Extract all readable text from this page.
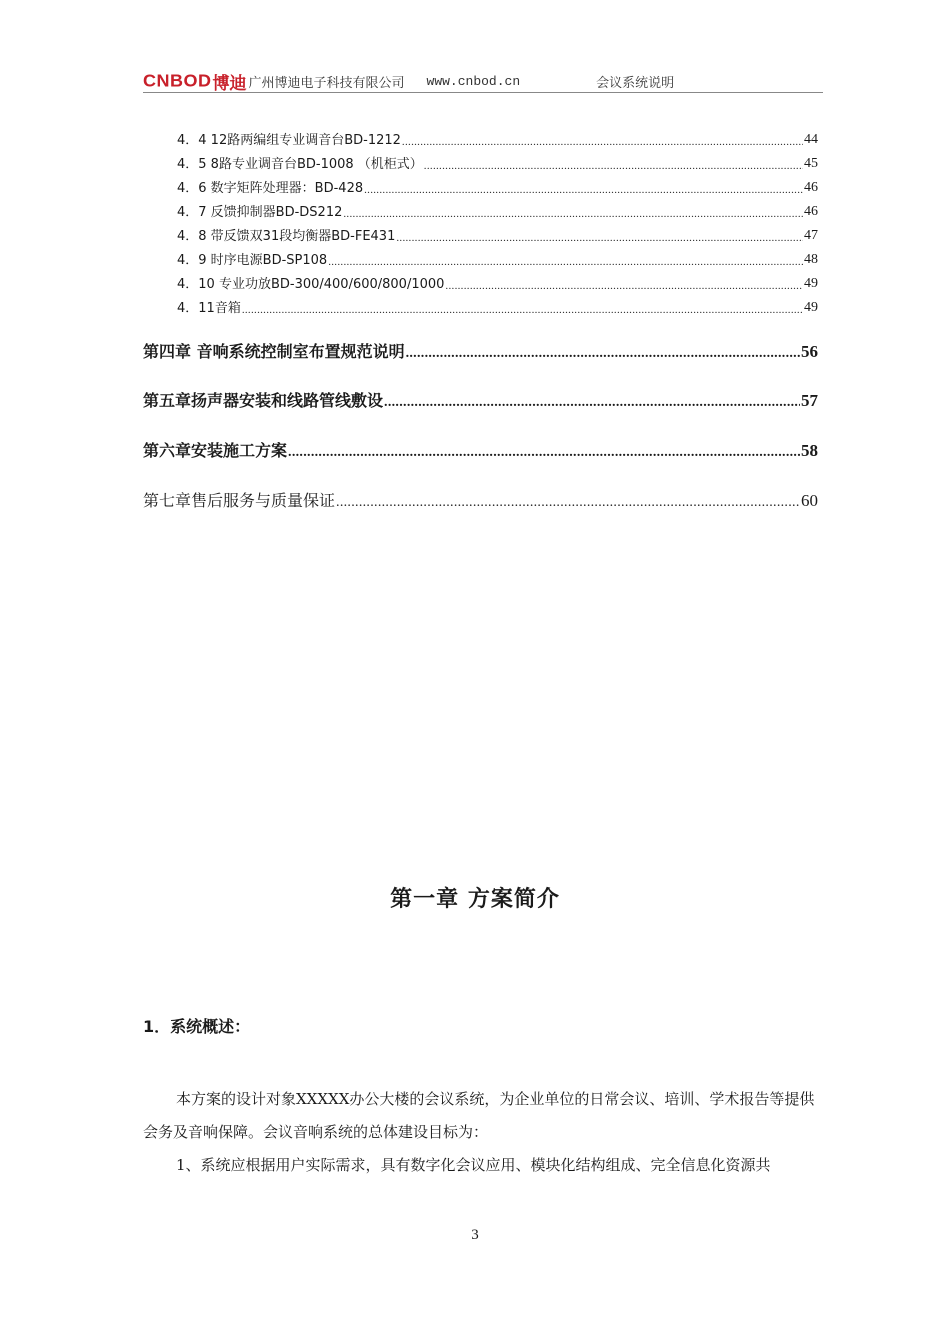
CNBOD 博迪 广州博迪电子科技有限公司 www.cnbod.cn	会议系统说明
4．4 12路两编组专业调音台BD-1212 .....	44
4．5 8路专业调音台BD-1008 （机柜式） .....	45
4．6 数字矩阵处理器：BD-428 .....	46
4．7 反馈抑制器BD-DS212 .....	46
4．8 带反馈双31段均衡器BD-FE431 .....	47
4．9 时序电源BD-SP108 .....	48
4．10 专业功放BD-300/400/600/800/1000 .....	49
4．11音箱 .....	49
第四章 音响系统控制室布置规范说明 .....	56
第五章扬声器安装和线路管线敷设 .....	57
第六章安装施工方案 .....	58
第七章售后服务与质量保证 .....	60
第一章 方案简介
1．系统概述：
本方案的设计对象XXXXX办公大楼的会议系统，为企业单位的日常会议、培训、学术报告等提供会务及音响保障。会议音响系统的总体建设目标为：
1、系统应根据用户实际需求，具有数字化会议应用、模块化结构组成、完全信息化资源共
3
